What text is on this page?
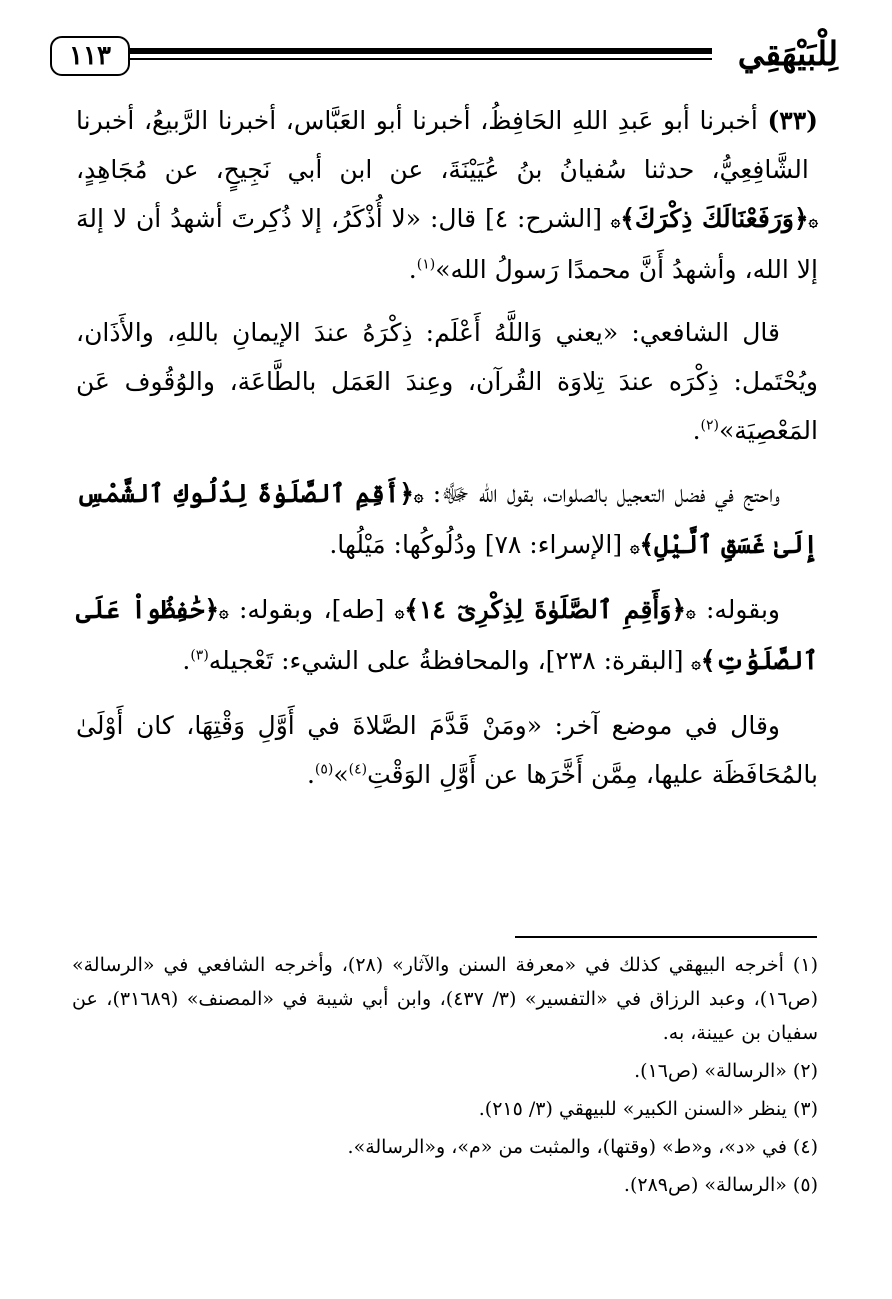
١١٣	لِلْبَيْهَقِي

(٣٣) أخبرنا أبو عَبدِ اللهِ الحَافِظُ، أخبرنا أبو العَبَّاس، أخبرنا الرَّبيعُ، أخبرنا الشَّافِعِيُّ، حدثنا سُفيانُ بنُ عُيَيْنَةَ، عن ابن أبي نَجِيحٍ، عن مُجَاهِدٍ، ۞﴿وَرَفَعْنَالَكَ ذِكْرَكَ﴾۞ [الشرح: ٤] قال: «لا أُذْكَرُ، إلا ذُكِرتَ أشهدُ أن لا إلهَ إلا الله، وأشهدُ أَنَّ محمدًا رَسولُ الله»$^{(١)}$.

قال الشافعي: «يعني وَاللَّهُ أَعْلَم: ذِكْرَهُ عندَ الإيمانِ باللهِ، والأَذَان، ويُحْتَمل: ذِكْرَه عندَ تِلاوَة القُرآن، وعِندَ العَمَل بالطَّاعَة، والوُقُوف عَن المَعْصِيَة»$^{(٢)}$.

واحتج في فضل التعجيل بالصلوات، بقول الله ﷻ: ۞﴿أَقِمِ ٱلصَّلَوٰةَ لِدُلُوكِ ٱلشَّمْسِ إِلَىٰ غَسَقِ ٱلَّيْلِ﴾۞ [الإسراء: ٧٨] ودُلُوكُها: مَيْلُها.

وبقوله: ۞﴿وَأَقِمِ ٱلصَّلَوٰةَ لِذِكْرِىٓ ١٤﴾۞ [طه]، وبقوله: ۞﴿حَٰفِظُواْ عَلَى ٱلصَّلَوَٰتِ﴾۞ [البقرة: ٢٣٨]، والمحافظةُ على الشيء: تَعْجيله$^{(٣)}$.

وقال في موضع آخر: «ومَنْ قَدَّمَ الصَّلاةَ في أَوَّلِ وَقْتِهَا، كان أَوْلَىٰ بالمُحَافَظَة عليها، مِمَّن أَخَّرَها عن أَوَّلِ الوَقْتِ$^{(٤)}$»$^{(٥)}$.

(١) أخرجه البيهقي كذلك في «معرفة السنن والآثار» (٢٨)، وأخرجه الشافعي في «الرسالة» (ص١٦)، وعبد الرزاق في «التفسير» (٣/ ٤٣٧)، وابن أبي شيبة في «المصنف» (٣١٦٨٩)، عن سفيان بن عيينة، به.

(٢) «الرسالة» (ص١٦).

(٣) ينظر «السنن الكبير» للبيهقي (٣/ ٢١٥).

(٤) في «د»، و«ط» (وقتها)، والمثبت من «م»، و«الرسالة».

(٥) «الرسالة» (ص٢٨٩).
